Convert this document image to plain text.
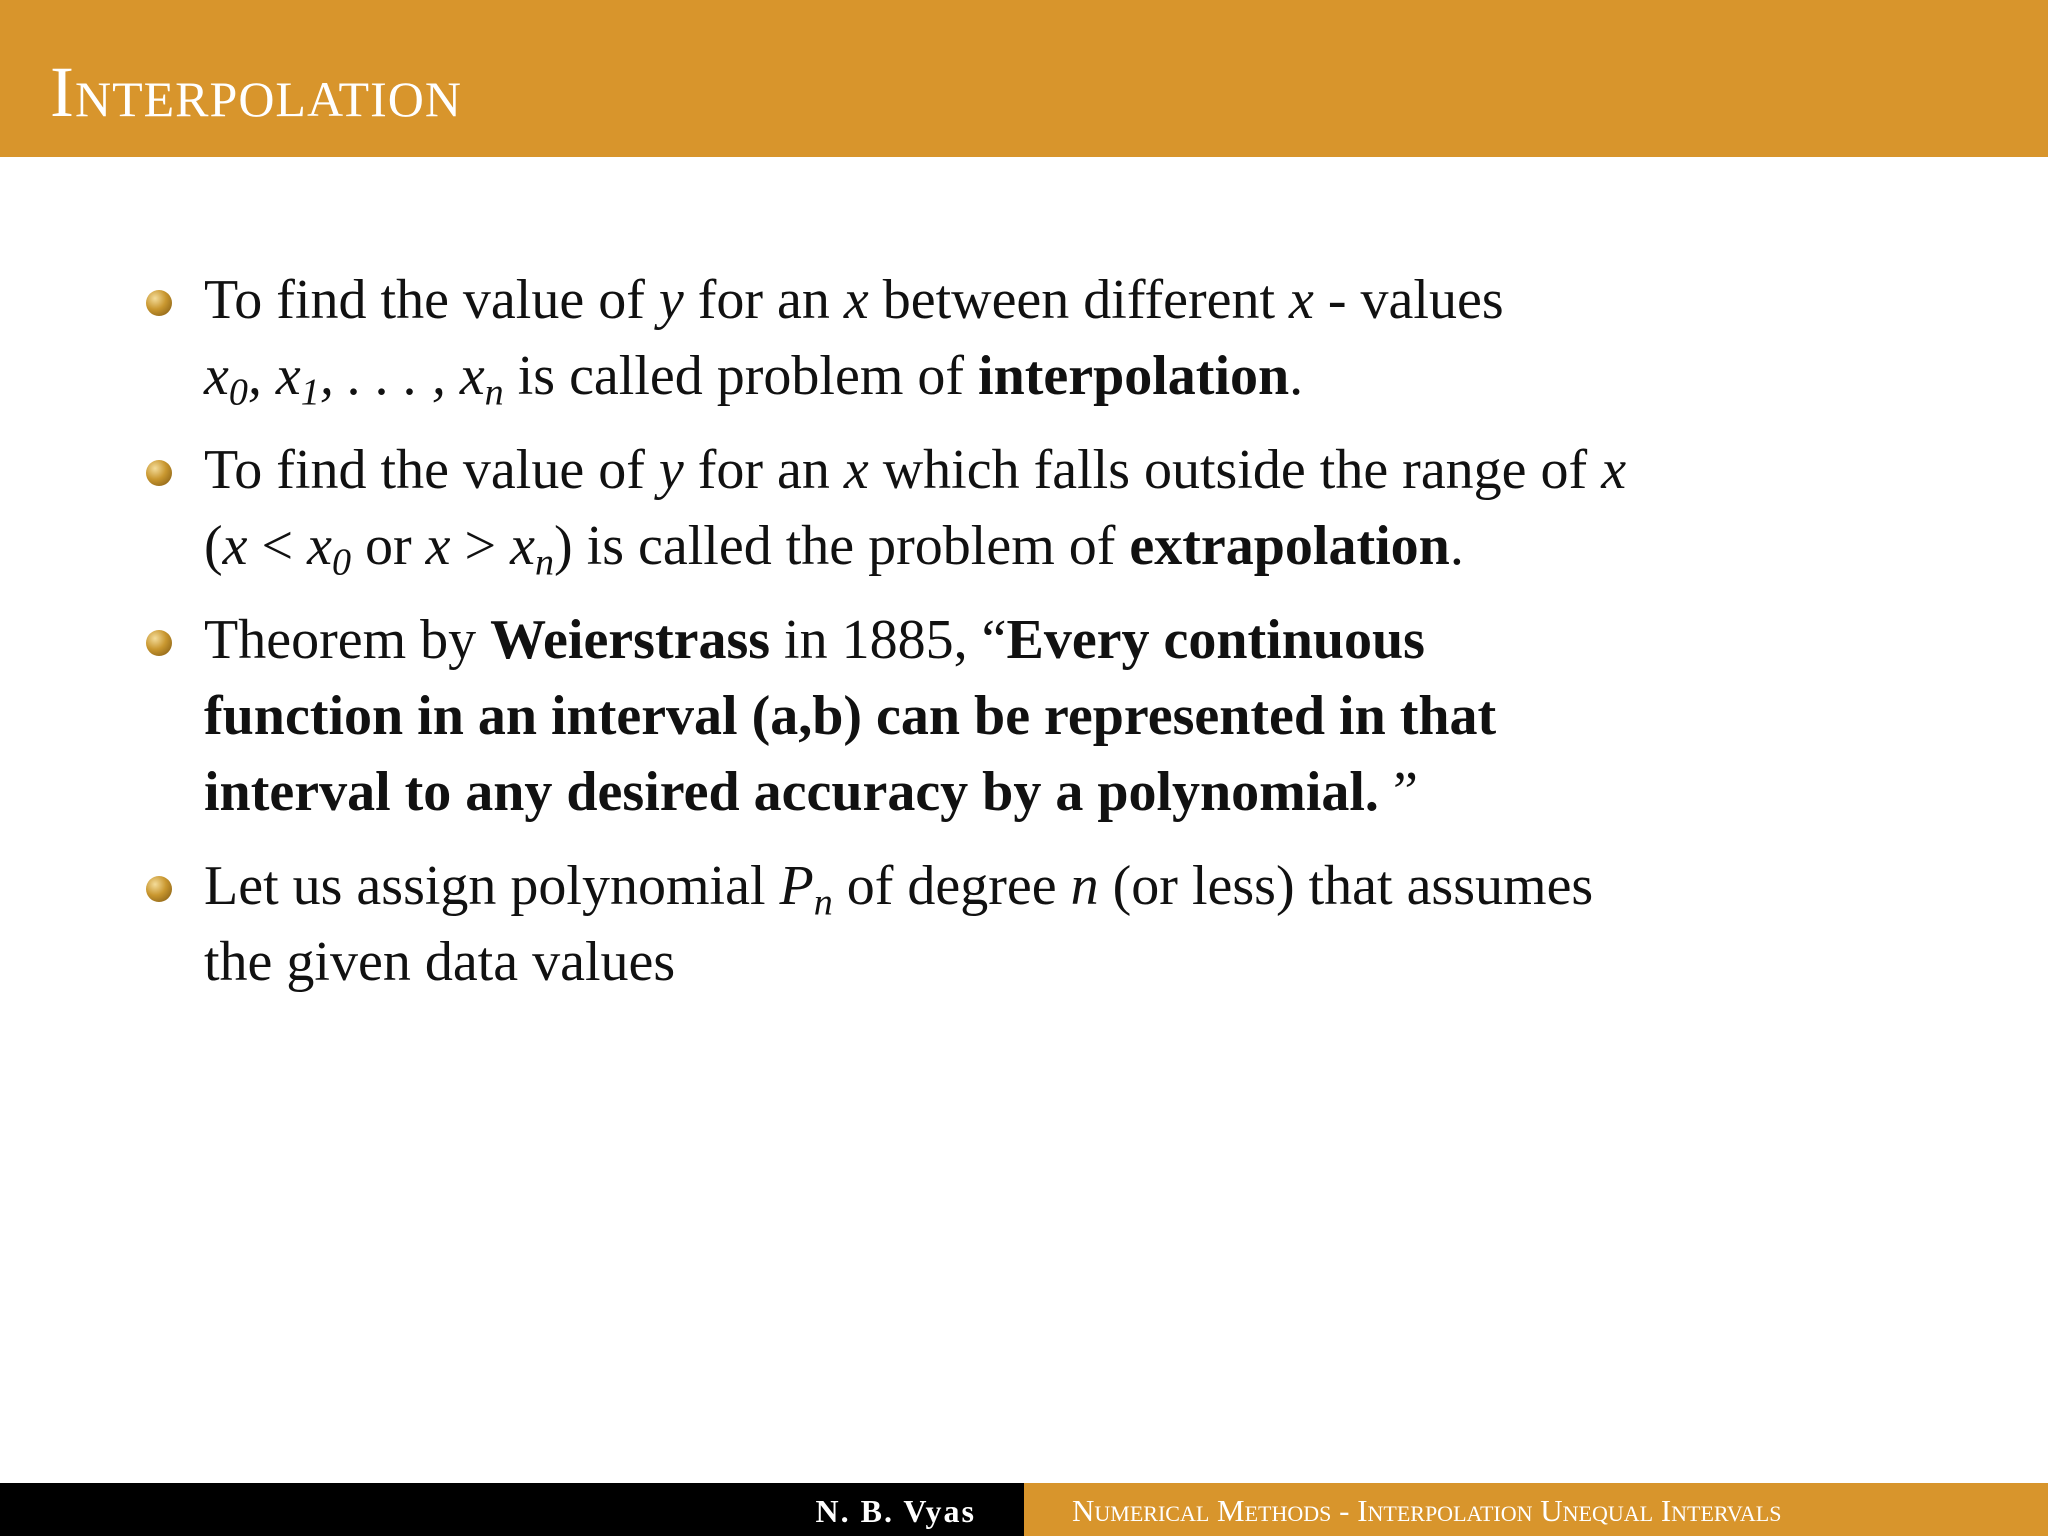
Interpolation
To find the value of y for an x between different x - values
$x_0$, $x_1$, . . . , $x_n$ is called problem of interpolation.
To find the value of y for an x which falls outside the range of x
($x < x_0$ or $x > x_n$) is called the problem of extrapolation.
Theorem by Weierstrass in 1885, “Every continuous
function in an interval (a,b) can be represented in that
interval to any desired accuracy by a polynomial. ”
Let us assign polynomial $P_n$ of degree n (or less) that assumes
the given data values
N. B. Vyas	Numerical Methods - Interpolation Unequal Intervals
